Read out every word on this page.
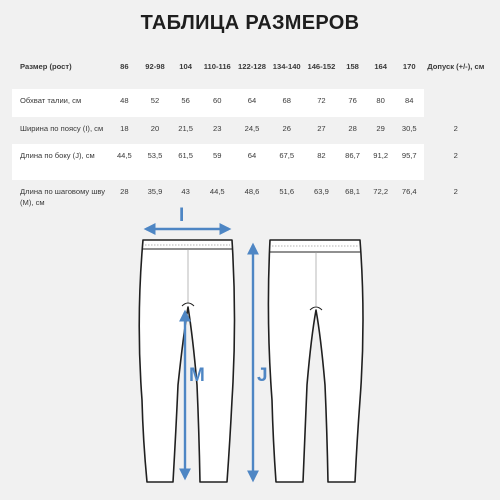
ТАБЛИЦА РАЗМЕРОВ
Размер (рост)	86	92-98	104	110-116	122-128	134-140	146-152	158	164	170	Допуск (+/-), см
Обхват талии, см	48	52	56	60	64	68	72	76	80	84	
Ширина по поясу (I), см	18	20	21,5	23	24,5	26	27	28	29	30,5	2
Длина по боку (J), см	44,5	53,5	61,5	59	64	67,5	82	86,7	91,2	95,7	2
Длина по шаговому шву (M), см	28	35,9	43	44,5	48,6	51,6	63,9	68,1	72,2	76,4	2
I
M	J
